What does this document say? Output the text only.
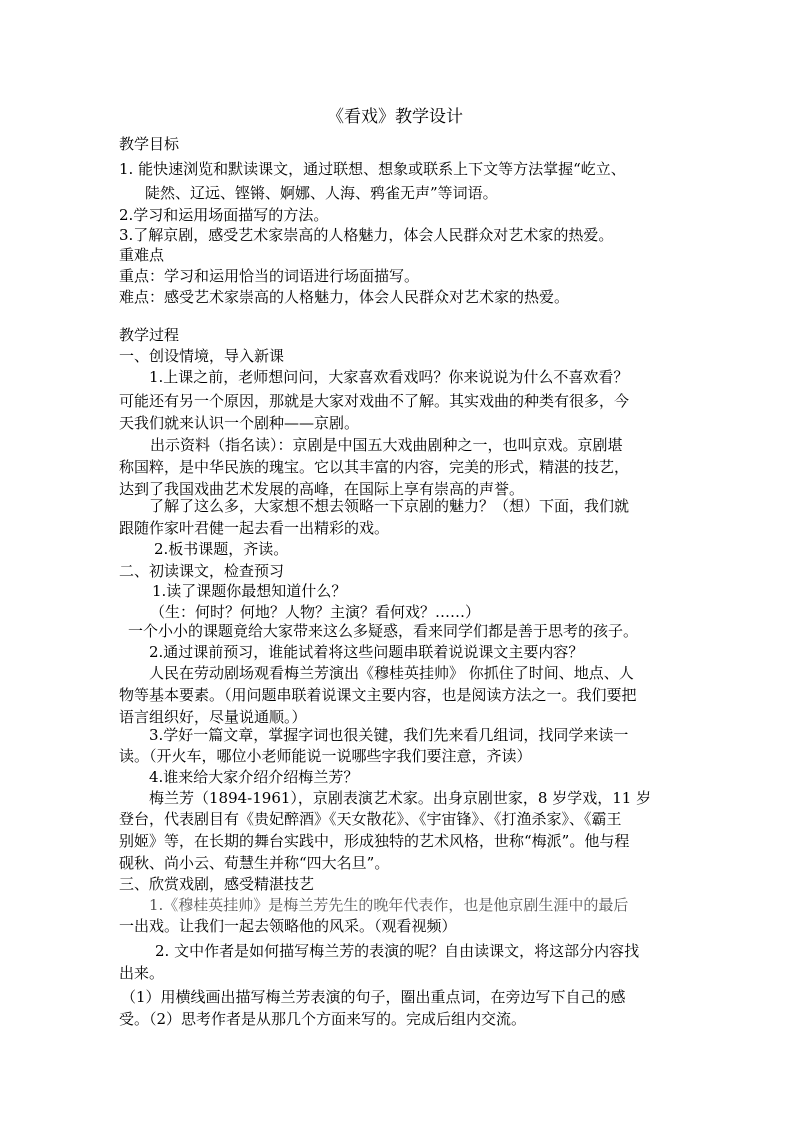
《看戏》教学设计
教学目标
1. 能快速浏览和默读课文，通过联想、想象或联系上下文等方法掌握“屹立、
陡然、辽远、铿锵、婀娜、人海、鸦雀无声”等词语。
2.学习和运用场面描写的方法。
3.了解京剧，感受艺术家崇高的人格魅力，体会人民群众对艺术家的热爱。
重难点
重点：学习和运用恰当的词语进行场面描写。
难点：感受艺术家崇高的人格魅力，体会人民群众对艺术家的热爱。
教学过程
一、创设情境，导入新课
1.上课之前，老师想问问，大家喜欢看戏吗？你来说说为什么不喜欢看？
可能还有另一个原因，那就是大家对戏曲不了解。其实戏曲的种类有很多，今
天我们就来认识一个剧种——京剧。
出示资料（指名读）：京剧是中国五大戏曲剧种之一，也叫京戏。京剧堪
称国粹，是中华民族的瑰宝。它以其丰富的内容，完美的形式，精湛的技艺，
达到了我国戏曲艺术发展的高峰，在国际上享有崇高的声誉。
了解了这么多，大家想不想去领略一下京剧的魅力？（想）下面，我们就
跟随作家叶君健一起去看一出精彩的戏。
2.板书课题，齐读。
二、初读课文，检查预习
1.读了课题你最想知道什么？
（生：何时？何地？人物？主演？看何戏？……）
一个小小的课题竟给大家带来这么多疑惑，看来同学们都是善于思考的孩子。
2.通过课前预习，谁能试着将这些问题串联着说说课文主要内容？
人民在劳动剧场观看梅兰芳演出《穆桂英挂帅》 你抓住了时间、地点、人
物等基本要素。（用问题串联着说课文主要内容，也是阅读方法之一。我们要把
语言组织好，尽量说通顺。）
3.学好一篇文章，掌握字词也很关键，我们先来看几组词，找同学来读一
读。（开火车，哪位小老师能说一说哪些字我们要注意，齐读）
4.谁来给大家介绍介绍梅兰芳？
梅兰芳（1894-1961），京剧表演艺术家。出身京剧世家，8 岁学戏，11 岁
登台，代表剧目有《贵妃醉酒》《天女散花》、《宇宙锋》、《打渔杀家》、《霸王
别姬》等，在长期的舞台实践中，形成独特的艺术风格，世称“梅派”。他与程
砚秋、尚小云、荀慧生并称“四大名旦”。
三、欣赏戏剧，感受精湛技艺
1.《穆桂英挂帅》是梅兰芳先生的晚年代表作，也是他京剧生涯中的最后
一出戏。让我们一起去领略他的风采。（观看视频）
2. 文中作者是如何描写梅兰芳的表演的呢？自由读课文，将这部分内容找
出来。
（1）用横线画出描写梅兰芳表演的句子，圈出重点词，在旁边写下自己的感
受。（2）思考作者是从那几个方面来写的。完成后组内交流。
